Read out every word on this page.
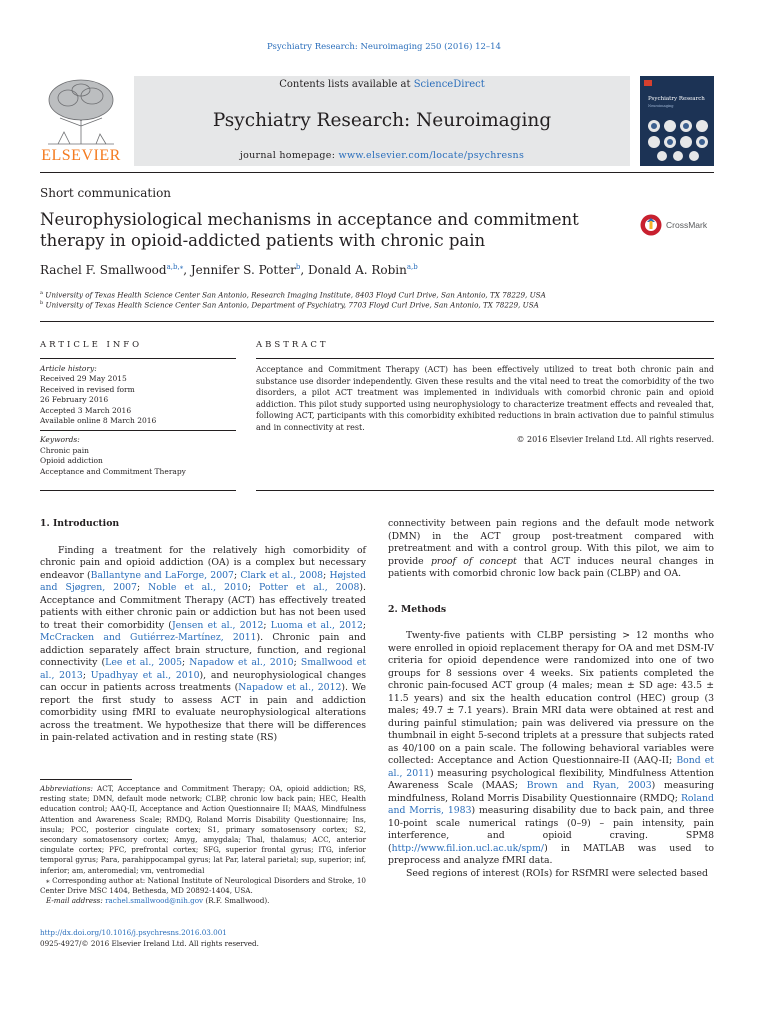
Psychiatry Research: Neuroimaging 250 (2016) 12–14
ELSEVIER
Contents lists available at ScienceDirect
Psychiatry Research: Neuroimaging
journal homepage: www.elsevier.com/locate/psychresns
Psychiatry Research
Neuroimaging
Short communication
Neurophysiological mechanisms in acceptance and commitment therapy in opioid-addicted patients with chronic pain
CrossMark
Rachel F. Smallwood$^{a,b,⁎}$, Jennifer S. Potter$^b$, Donald A. Robin$^{a,b}$
$^a$ University of Texas Health Science Center San Antonio, Research Imaging Institute, 8403 Floyd Curl Drive, San Antonio, TX 78229, USA
$^b$ University of Texas Health Science Center San Antonio, Department of Psychiatry, 7703 Floyd Curl Drive, San Antonio, TX 78229, USA
ARTICLE INFO
Article history:
Received 29 May 2015
Received in revised form
26 February 2016
Accepted 3 March 2016
Available online 8 March 2016
Keywords:
Chronic pain
Opioid addiction
Acceptance and Commitment Therapy
ABSTRACT
Acceptance and Commitment Therapy (ACT) has been effectively utilized to treat both chronic pain and substance use disorder independently. Given these results and the vital need to treat the comorbidity of the two disorders, a pilot ACT treatment was implemented in individuals with comorbid chronic pain and opioid addiction. This pilot study supported using neurophysiology to characterize treatment effects and revealed that, following ACT, participants with this comorbidity exhibited reductions in brain activation due to painful stimulus and in connectivity at rest.
© 2016 Elsevier Ireland Ltd. All rights reserved.
1. Introduction

Finding a treatment for the relatively high comorbidity of chronic pain and opioid addiction (OA) is a complex but necessary endeavor (Ballantyne and LaForge, 2007; Clark et al., 2008; Højsted and Sjøgren, 2007; Noble et al., 2010; Potter et al., 2008). Acceptance and Commitment Therapy (ACT) has effectively treated patients with either chronic pain or addiction but has not been used to treat their comorbidity (Jensen et al., 2012; Luoma et al., 2012; McCracken and Gutiérrez-Martínez, 2011). Chronic pain and addiction separately affect brain structure, function, and regional connectivity (Lee et al., 2005; Napadow et al., 2010; Smallwood et al., 2013; Upadhyay et al., 2010), and neurophysiological changes can occur in patients across treatments (Napadow et al., 2012). We report the first study to assess ACT in pain and addiction comorbidity using fMRI to evaluate neurophysiological alterations across the treatment. We hypothesize that there will be differences in pain-related activation and in resting state (RS)

connectivity between pain regions and the default mode network (DMN) in the ACT group post-treatment compared with pretreatment and with a control group. With this pilot, we aim to provide proof of concept that ACT induces neural changes in patients with comorbid chronic low back pain (CLBP) and OA.

2. Methods

Twenty-five patients with CLBP persisting > 12 months who were enrolled in opioid replacement therapy for OA and met DSM-IV criteria for opioid dependence were randomized into one of two groups for 8 sessions over 4 weeks. Six patients completed the chronic pain-focused ACT group (4 males; mean ± SD age: 43.5 ± 11.5 years) and six the health education control (HEC) group (3 males; 49.7 ± 7.1 years). Brain MRI data were obtained at rest and during painful stimulation; pain was delivered via pressure on the thumbnail in eight 5-second triplets at a pressure that subjects rated as 40/100 on a pain scale. The following behavioral variables were collected: Acceptance and Action Questionnaire-II (AAQ-II; Bond et al., 2011) measuring psychological flexibility, Mindfulness Attention Awareness Scale (MAAS; Brown and Ryan, 2003) measuring mindfulness, Roland Morris Disability Questionnaire (RMDQ; Roland and Morris, 1983) measuring disability due to back pain, and three 10-point scale numerical ratings (0–9) – pain intensity, pain interference, and opioid craving. SPM8 (http://www.fil.ion.ucl.ac.uk/spm/) in MATLAB was used to preprocess and analyze fMRI data.

Seed regions of interest (ROIs) for RSfMRI were selected based

Abbreviations: ACT, Acceptance and Commitment Therapy; OA, opioid addiction; RS, resting state; DMN, default mode network; CLBP, chronic low back pain; HEC, Health education control; AAQ-II, Acceptance and Action Questionnaire II; MAAS, Mindfulness Attention and Awareness Scale; RMDQ, Roland Morris Disability Questionnaire; Ins, insula; PCC, posterior cingulate cortex; S1, primary somatosensory cortex; S2, secondary somatosensory cortex; Amyg, amygdala; Thal, thalamus; ACC, anterior cingulate cortex; PFC, prefrontal cortex; SFG, superior frontal gyrus; ITG, inferior temporal gyrus; Para, parahippocampal gyrus; lat Par, lateral parietal; sup, superior; inf, inferior; am, anteromedial; vm, ventromedial

⁎ Corresponding author at: National Institute of Neurological Disorders and Stroke, 10 Center Drive MSC 1404, Bethesda, MD 20892-1404, USA.

E-mail address: rachel.smallwood@nih.gov (R.F. Smallwood).

http://dx.doi.org/10.1016/j.psychresns.2016.03.001
0925-4927/© 2016 Elsevier Ireland Ltd. All rights reserved.
